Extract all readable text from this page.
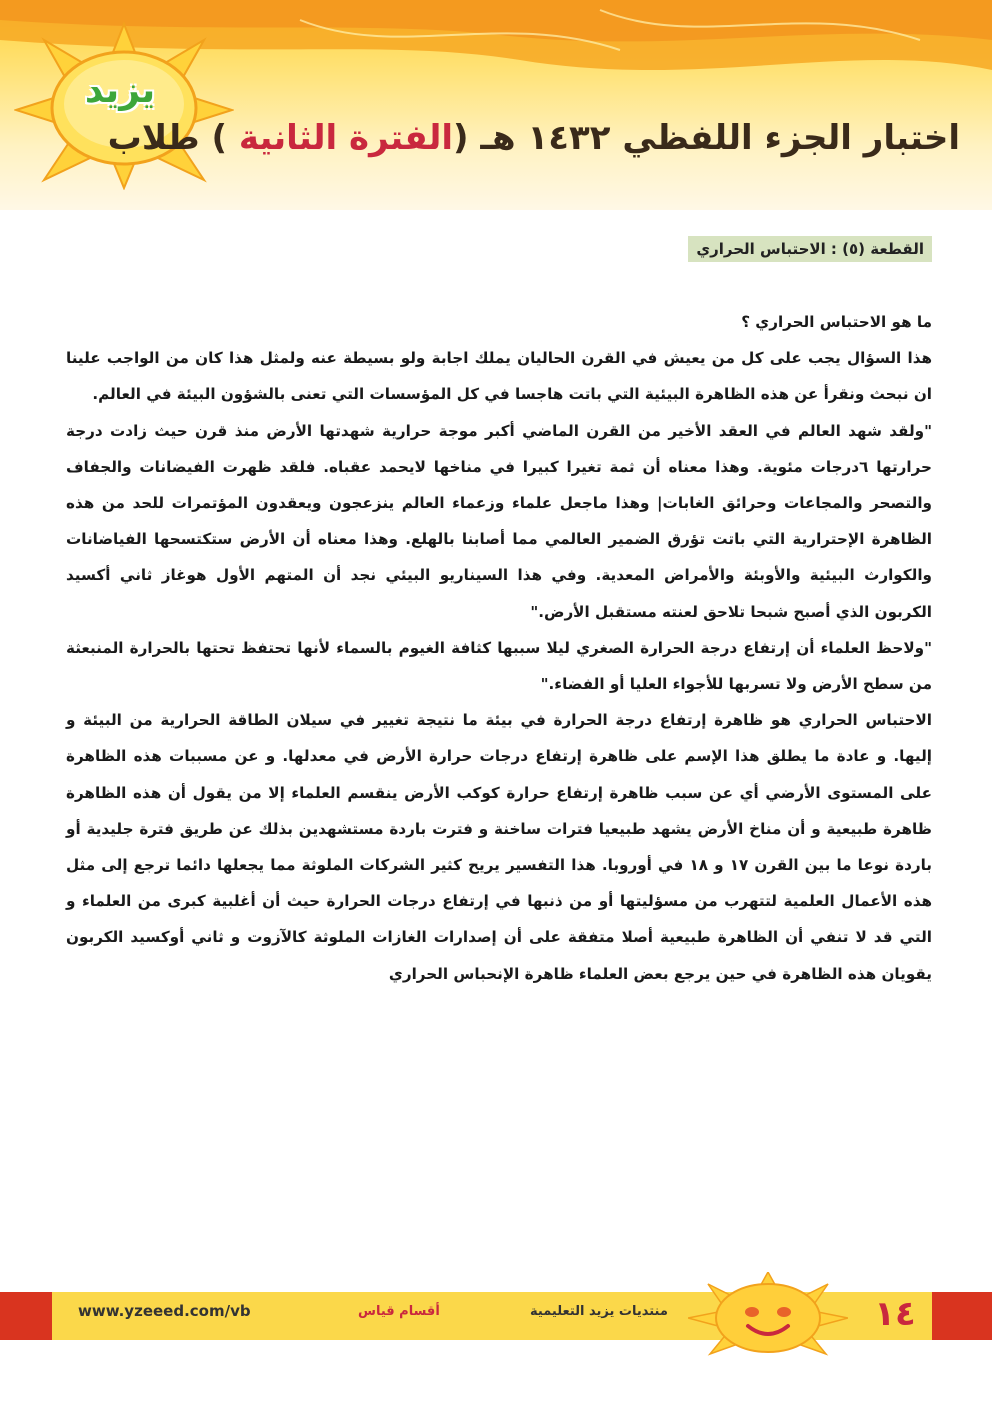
يزيد
اختبار الجزء اللفظي ١٤٣٢ هـ (الفترة الثانية ) طلاب
القطعة (٥) : الاحتباس الحراري

ما هو الاحتباس الحراري ؟

هذا السؤال يجب على كل من يعيش في القرن الحاليان يملك اجابة ولو بسيطة عنه ولمثل هذا كان من الواجب علينا ان نبحث ونقرأ عن هذه الظاهرة البيئية التي باتت هاجسا في كل المؤسسات التي تعنى بالشؤون البيئة في العالم.

"ولقد شهد العالم في العقد الأخير من القرن الماضي أكبر موجة حرارية شهدتها الأرض منذ قرن حيث زادت درجة حرارتها ٦درجات مئوية. وهذا معناه أن ثمة تغيرا كبيرا في مناخها لايحمد عقباه. فلقد ظهرت الفيضانات والجفاف والتصحر والمجاعات وحرائق الغابات| وهذا ماجعل علماء وزعماء العالم ينزعجون ويعقدون المؤتمرات للحد من هذه الظاهرة الإحترارية التي باتت تؤرق الضمير العالمي مما أصابنا بالهلع. وهذا معناه أن الأرض ستكتسحها الفياضانات والكوارث البيئية والأوبئة والأمراض المعدية. وفي هذا السيناريو البيئي نجد أن المتهم الأول هوغاز ثاني أكسيد الكربون الذي أصبح شبحا تلاحق لعنته مستقبل الأرض."

"ولاحظ العلماء أن إرتفاع درجة الحرارة الصغري ليلا سببها كثافة الغيوم بالسماء لأنها تحتفظ تحتها بالحرارة المنبعثة من سطح الأرض ولا تسربها للأجواء العليا أو الفضاء."

الاحتباس الحراري هو ظاهرة إرتفاع درجة الحرارة في بيئة ما نتيجة تغيير في سيلان الطاقة الحرارية من البيئة و إليها. و عادة ما يطلق هذا الإسم على ظاهرة إرتفاع درجات حرارة الأرض في معدلها. و عن مسببات هذه الظاهرة على المستوى الأرضي أي عن سبب ظاهرة إرتفاع حرارة كوكب الأرض ينقسم العلماء إلا من يقول أن هذه الظاهرة ظاهرة طبيعية و أن مناخ الأرض يشهد طبيعيا فترات ساخنة و فترت باردة مستشهدين بذلك عن طريق فترة جليدية أو باردة نوعا ما بين القرن ١٧ و ١٨ في أوروبا. هذا التفسير يريح كثير الشركات الملوثة مما يجعلها دائما ترجع إلى مثل هذه الأعمال العلمية لتتهرب من مسؤليتها أو من ذنبها في إرتفاع درجات الحرارة حيث أن أغلبية كبرى من العلماء و التي قد لا تنفي أن الظاهرة طبيعية أصلا متفقة على أن إصدارات الغازات الملوثة كالآزوت و ثاني أوكسيد الكربون يقويان هذه الظاهرة في حين يرجع بعض العلماء ظاهرة الإنحباس الحراري

١٤
منتديات يزيد التعليمية
أقسام قياس
www.yzeeed.com/vb
